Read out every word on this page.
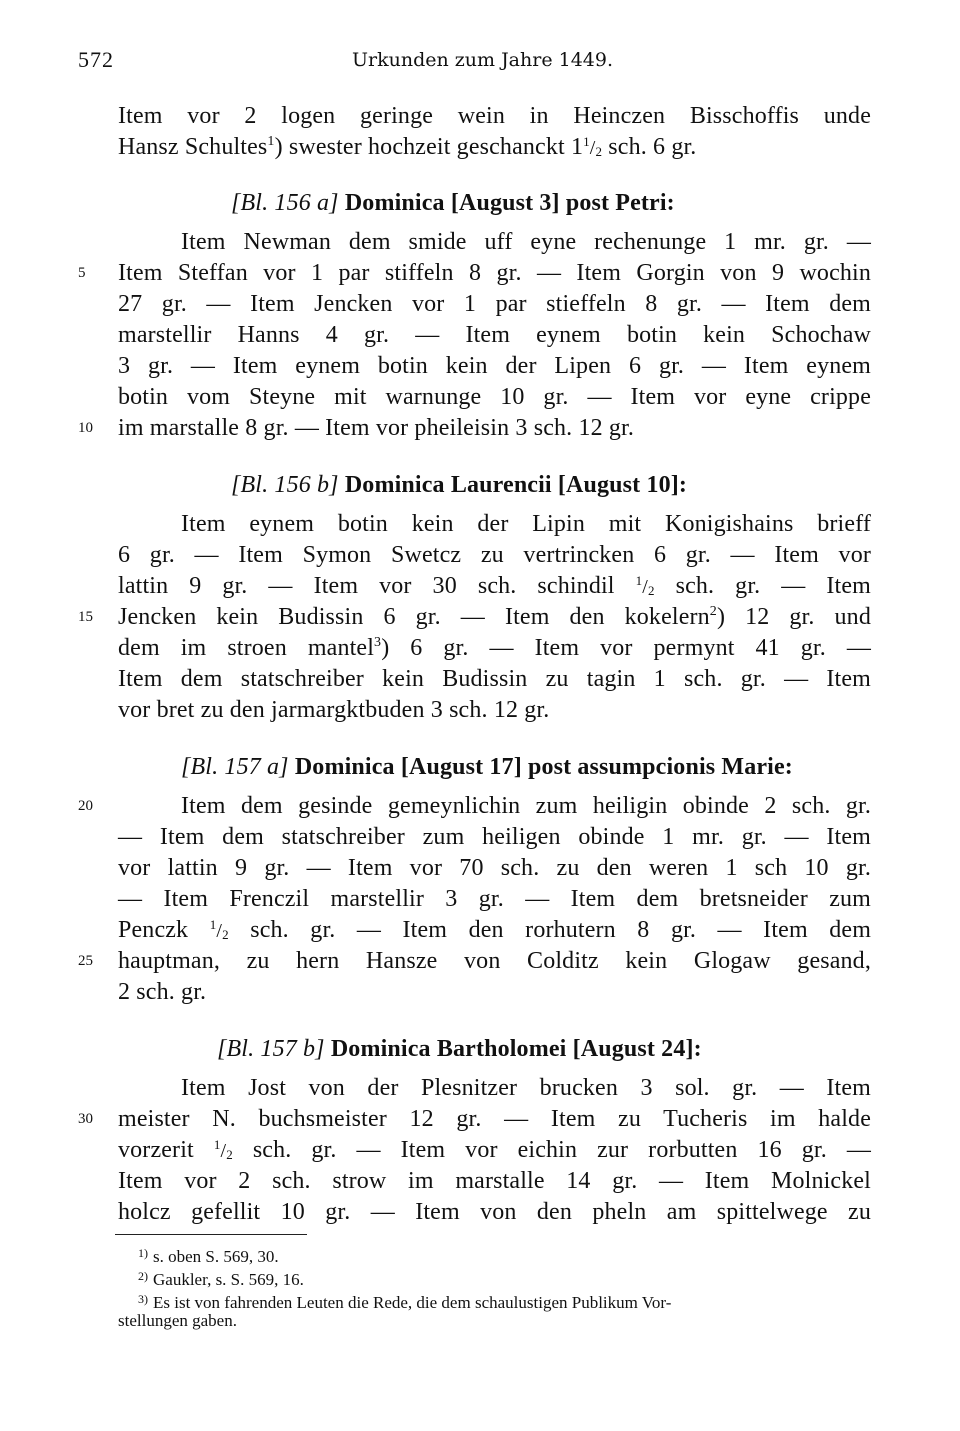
572	Urkunden zum Jahre 1449.
Item vor 2 logen geringe wein in Heinczen Bisschoffis unde
Hansz Schultes$^1$) swester hochzeit geschanckt $1^1/_2$ sch. 6 gr.
[Bl. 156 a] Dominica [August 3] post Petri:
Item Newman dem smide uff eyne rechenunge 1 mr. gr. —
Item Steffan vor 1 par stiffeln 8 gr. — Item Gorgin von 9 wochin
27 gr. — Item Jencken vor 1 par stieffeln 8 gr. — Item dem
marstellir Hanns 4 gr. — Item eynem botin kein Schochaw
3 gr. — Item eynem botin kein der Lipen 6 gr. — Item eynem
botin vom Steyne mit warnunge 10 gr. — Item vor eyne crippe
im marstalle 8 gr. — Item vor pheileisin 3 sch. 12 gr.
[Bl. 156 b] Dominica Laurencii [August 10]:
Item eynem botin kein der Lipin mit Konigishains brieff
6 gr. — Item Symon Swetcz zu vertrincken 6 gr. — Item vor
lattin 9 gr. — Item vor 30 sch. schindil $^1/_2$ sch. gr. — Item
Jencken kein Budissin 6 gr. — Item den kokelern$^2$) 12 gr. und
dem im stroen mantel$^3$) 6 gr. — Item vor permynt 41 gr. —
Item dem statschreiber kein Budissin zu tagin 1 sch. gr. — Item
vor bret zu den jarmargktbuden 3 sch. 12 gr.
[Bl. 157 a] Dominica [August 17] post assumpcionis Marie:
Item dem gesinde gemeynlichin zum heiligin obinde 2 sch. gr.
— Item dem statschreiber zum heiligen obinde 1 mr. gr. — Item
vor lattin 9 gr. — Item vor 70 sch. zu den weren 1 sch 10 gr.
— Item Frenczil marstellir 3 gr. — Item dem bretsneider zum
Penczk $^1/_2$ sch. gr. — Item den rorhutern 8 gr. — Item dem
hauptman, zu hern Hansze von Colditz kein Glogaw gesand,
2 sch. gr.
[Bl. 157 b] Dominica Bartholomei [August 24]:
Item Jost von der Plesnitzer brucken 3 sol. gr. — Item
meister N. buchsmeister 12 gr. — Item zu Tucheris im halde
vorzerit $^1/_2$ sch. gr. — Item vor eichin zur rorbutten 16 gr. —
Item vor 2 sch. strow im marstalle 14 gr. — Item Molnickel
holcz gefellit 10 gr. — Item von den pheln am spittelwege zu
5
10
15
20
25
30
$^{1)}$ s. oben S. 569, 30.
$^{2)}$ Gaukler, s. S. 569, 16.
$^{3)}$ Es ist von fahrenden Leuten die Rede, die dem schaulustigen Publikum Vor-
stellungen gaben.
